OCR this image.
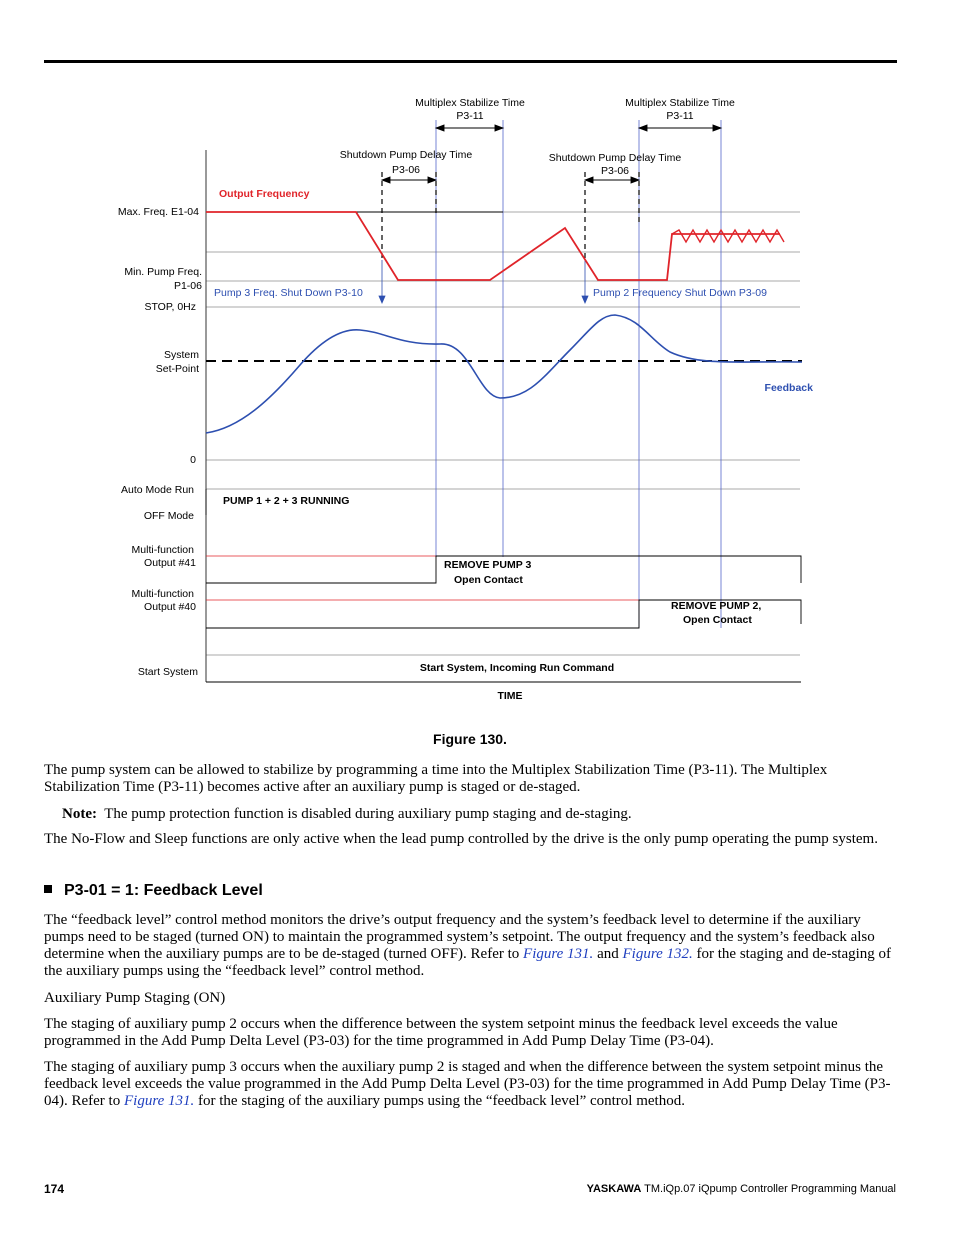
Multiplex Stabilize Time
P3-11
Multiplex Stabilize Time
P3-11
Shutdown Pump Delay Time
P3-06
Shutdown Pump Delay Time
P3-06
Max. Freq. E1-04
Min. Pump Freq.
P1-06
STOP, 0Hz
System
Set-Point
0
Auto Mode Run
OFF Mode
Multi-function
Output #41
Multi-function
Output #40
Start System
Output Frequency
Pump 3 Freq. Shut Down P3-10	Pump 2 Frequency Shut Down P3-09
Feedback
PUMP 1 + 2 + 3 RUNNING
REMOVE PUMP 3
Open Contact
REMOVE PUMP 2,
Open Contact
Start System, Incoming Run Command
TIME
Figure 130.

The pump system can be allowed to stabilize by programming a time into the Multiplex Stabilization Time (P3-11). The Multiplex Stabilization Time (P3-11) becomes active after an auxiliary pump is staged or de-staged.

Note: The pump protection function is disabled during auxiliary pump staging and de-staging.

The No-Flow and Sleep functions are only active when the lead pump controlled by the drive is the only pump operating the pump system.

P3-01 = 1: Feedback Level

The “feedback level” control method monitors the drive’s output frequency and the system’s feedback level to determine if the auxiliary pumps need to be staged (turned ON) to maintain the programmed system’s setpoint. The output frequency and the system’s feedback also determine when the auxiliary pumps are to be de-staged (turned OFF). Refer to Figure 131. and Figure 132. for the staging and de-staging of the auxiliary pumps using the “feedback level” control method.

Auxiliary Pump Staging (ON)

The staging of auxiliary pump 2 occurs when the difference between the system setpoint minus the feedback level exceeds the value programmed in the Add Pump Delta Level (P3-03) for the time programmed in Add Pump Delay Time (P3-04).

The staging of auxiliary pump 3 occurs when the auxiliary pump 2 is staged and when the difference between the system setpoint minus the feedback level exceeds the value programmed in the Add Pump Delta Level (P3-03) for the time programmed in Add Pump Delay Time (P3-04). Refer to Figure 131. for the staging of the auxiliary pumps using the “feedback level” control method.

174	YASKAWA TM.iQp.07 iQpump Controller Programming Manual
